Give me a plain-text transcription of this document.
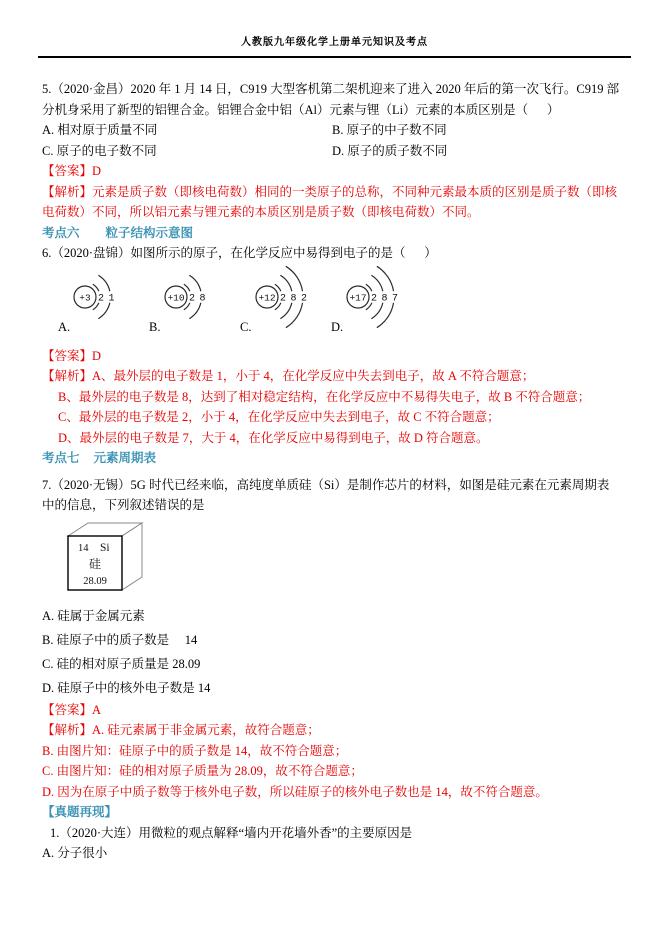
人教版九年级化学上册单元知识及考点
5.（2020·金昌）2020 年 1 月 14 日，C919 大型客机第二架机迎来了进入 2020 年后的第一次飞行。C919 部
分机身采用了新型的铝锂合金。铝锂合金中铝（Al）元素与锂（Li）元素的本质区别是（      ）
A. 相对原于质量不同	B. 原子的中子数不同
C. 原子的电子数不同	D. 原子的质子数不同
【答案】D
【解析】元素是质子数（即核电荷数）相同的一类原子的总称，不同种元素最本质的区别是质子数（即核
电荷数）不同，所以铝元素与锂元素的本质区别是质子数（即核电荷数）不同。
考点六 粒子结构示意图
6.（2020·盘锦）如图所示的原子，在化学反应中易得到电子的是（      ）
+3 2 1
A.
+10 2 8
B.
+12 2 8 2
C.
+17 2 8 7
D.
【答案】D
【解析】A、最外层的电子数是 1，小于 4，在化学反应中失去到电子，故 A 不符合题意；
B、最外层的电子数是 8，达到了相对稳定结构，在化学反应中不易得失电子，故 B 不符合题意；
C、最外层的电子数是 2，小于 4，在化学反应中失去到电子，故 C 不符合题意；
D、最外层的电子数是 7，大于 4，在化学反应中易得到电子，故 D 符合题意。
考点七 元素周期表
7.（2020·无锡）5G 时代已经来临，高纯度单质硅（Si）是制作芯片的材料，如图是硅元素在元素周期表
中的信息，下列叙述错误的是
14 Si
硅
28.09
A. 硅属于金属元素
B. 硅原子中的质子数是     14
C. 硅的相对原子质量是 28.09
D. 硅原子中的核外电子数是 14
【答案】A
【解析】A. 硅元素属于非金属元素，故符合题意；
B. 由图片知：硅原子中的质子数是 14，故不符合题意；
C. 由图片知：硅的相对原子质量为 28.09，故不符合题意；
D. 因为在原子中质子数等于核外电子数，所以硅原子的核外电子数也是 14，故不符合题意。
【真题再现】
1.（2020·大连）用微粒的观点解释“墙内开花墙外香”的主要原因是
A. 分子很小
